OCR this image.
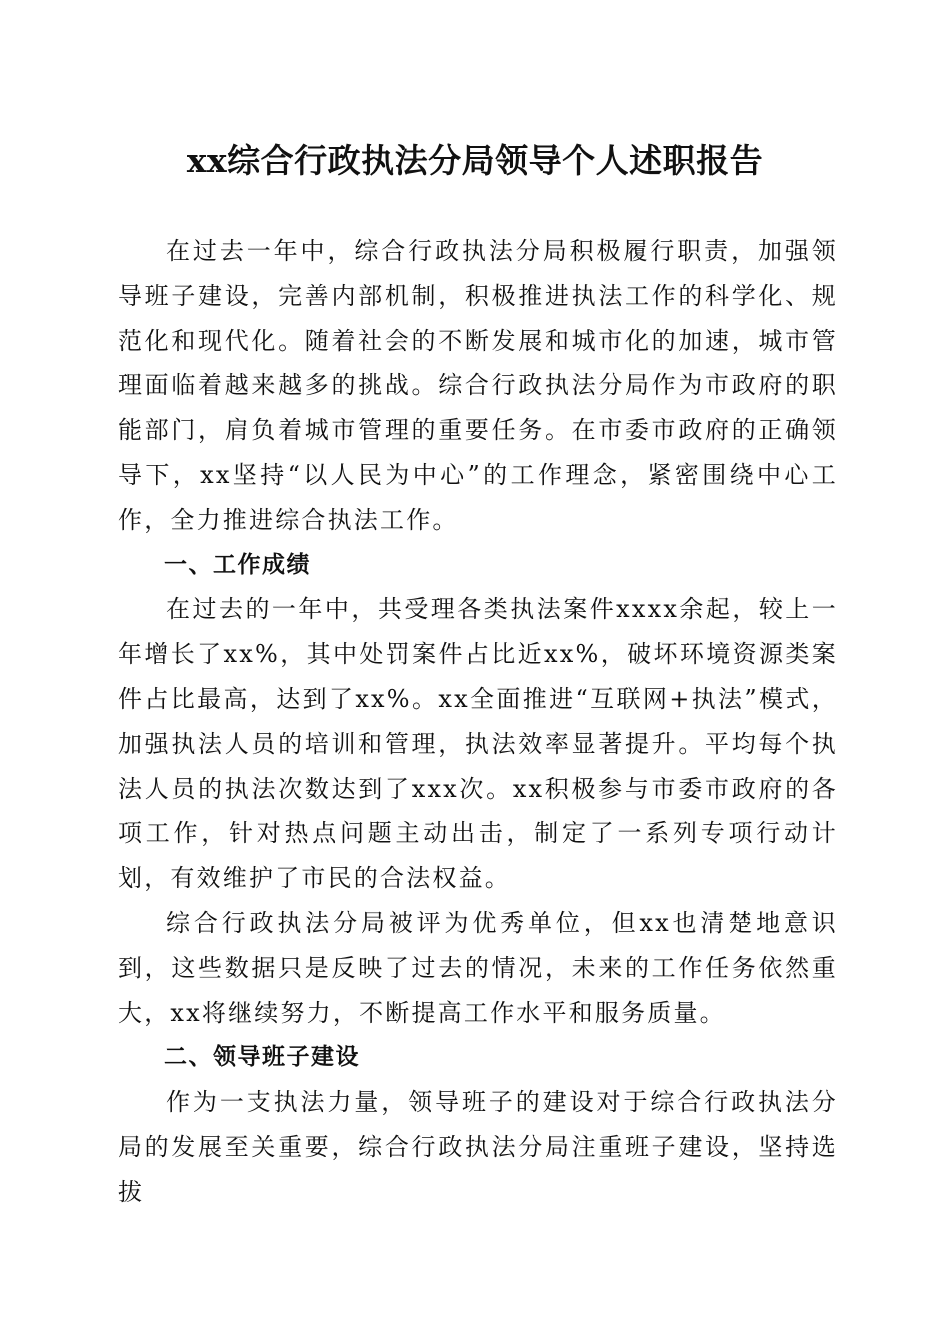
xx综合行政执法分局领导个人述职报告

在过去一年中，综合行政执法分局积极履行职责，加强领导班子建设，完善内部机制，积极推进执法工作的科学化、规范化和现代化。随着社会的不断发展和城市化的加速，城市管理面临着越来越多的挑战。综合行政执法分局作为市政府的职能部门，肩负着城市管理的重要任务。在市委市政府的正确领导下，xx坚持“以人民为中心”的工作理念，紧密围绕中心工作，全力推进综合执法工作。

一、工作成绩

在过去的一年中，共受理各类执法案件xxxx余起，较上一年增长了xx%，其中处罚案件占比近xx%，破坏环境资源类案件占比最高，达到了xx%。xx全面推进“互联网+执法”模式，加强执法人员的培训和管理，执法效率显著提升。平均每个执法人员的执法次数达到了xxx次。xx积极参与市委市政府的各项工作，针对热点问题主动出击，制定了一系列专项行动计划，有效维护了市民的合法权益。

综合行政执法分局被评为优秀单位，但xx也清楚地意识到，这些数据只是反映了过去的情况，未来的工作任务依然重大，xx将继续努力，不断提高工作水平和服务质量。

二、领导班子建设

作为一支执法力量，领导班子的建设对于综合行政执法分局的发展至关重要，综合行政执法分局注重班子建设，坚持选拔
